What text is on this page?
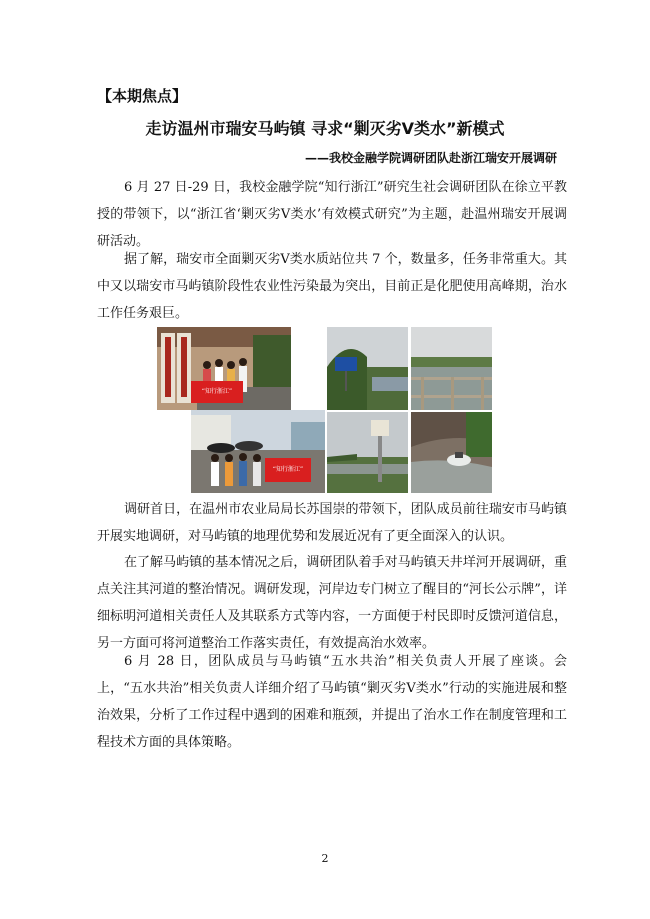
【本期焦点】
走访温州市瑞安马屿镇 寻求“剿灭劣Ⅴ类水”新模式
——我校金融学院调研团队赴浙江瑞安开展调研

6 月 27 日-29 日，我校金融学院“知行浙江”研究生社会调研团队在徐立平教授的带领下，以“浙江省‘剿灭劣Ⅴ类水’有效模式研究”为主题，赴温州瑞安开展调研活动。

据了解，瑞安市全面剿灭劣Ⅴ类水质站位共 7 个，数量多，任务非常重大。其中又以瑞安市马屿镇阶段性农业性污染最为突出，目前正是化肥使用高峰期，治水工作任务艰巨。

“知行浙江”
“知行浙江”

调研首日，在温州市农业局局长苏国崇的带领下，团队成员前往瑞安市马屿镇开展实地调研，对马屿镇的地理优势和发展近况有了更全面深入的认识。

在了解马屿镇的基本情况之后，调研团队着手对马屿镇天井垟河开展调研，重点关注其河道的整治情况。调研发现，河岸边专门树立了醒目的“河长公示牌”，详细标明河道相关责任人及其联系方式等内容，一方面便于村民即时反馈河道信息，另一方面可将河道整治工作落实责任，有效提高治水效率。

6 月 28 日，团队成员与马屿镇“五水共治”相关负责人开展了座谈。会上，“五水共治”相关负责人详细介绍了马屿镇“剿灭劣Ⅴ类水”行动的实施进展和整治效果，分析了工作过程中遇到的困难和瓶颈，并提出了治水工作在制度管理和工程技术方面的具体策略。

2
